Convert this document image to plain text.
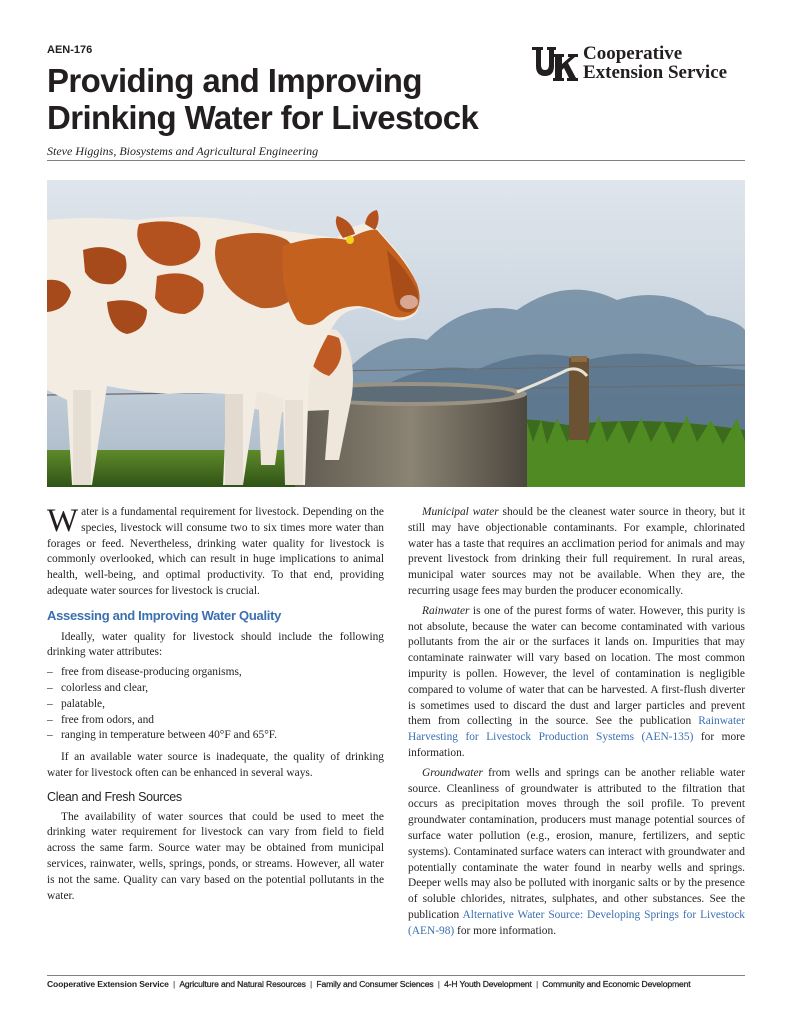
AEN-176
Providing and Improving
Drinking Water for Livestock
Steve Higgins, Biosystems and Agricultural Engineering
Cooperative
Extension Service

Water is a fundamental requirement for livestock. Depending on the species, livestock will consume two to six times more water than forages or feed. Nevertheless, drinking water quality for livestock is commonly overlooked, which can result in huge implications to animal health, well-being, and optimal productivity. To that end, providing adequate water sources for livestock is crucial.

Assessing and Improving Water Quality

Ideally, water quality for livestock should include the following drinking water attributes:

– free from disease-producing organisms,
– colorless and clear,
– palatable,
– free from odors, and
– ranging in temperature between 40°F and 65°F.

If an available water source is inadequate, the quality of drinking water for livestock often can be enhanced in several ways.

Clean and Fresh Sources

The availability of water sources that could be used to meet the drinking water requirement for livestock can vary from field to field across the same farm. Source water may be obtained from municipal services, rainwater, wells, springs, ponds, or streams. However, all water is not the same. Quality can vary based on the potential pollutants in the water.

Municipal water should be the cleanest water source in theory, but it still may have objectionable contaminants. For example, chlorinated water has a taste that requires an acclimation period for animals and may prevent livestock from drinking their full requirement. In rural areas, municipal water sources may not be available. When they are, the recurring usage fees may burden the producer economically.

Rainwater is one of the purest forms of water. However, this purity is not absolute, because the water can become contaminated with various pollutants from the air or the surfaces it lands on. Impurities that may contaminate rainwater will vary based on location. The most common impurity is pollen. However, the level of contamination is negligible compared to volume of water that can be harvested. A first-flush diverter is sometimes used to discard the dust and larger particles and prevent them from collecting in the source. See the publication Rainwater Harvesting for Livestock Production Systems (AEN-135) for more information.

Groundwater from wells and springs can be another reliable water source. Cleanliness of groundwater is attributed to the filtration that occurs as precipitation moves through the soil profile. To prevent groundwater contamination, producers must manage potential sources of surface water pollution (e.g., erosion, manure, fertilizers, and septic systems). Contaminated surface waters can interact with groundwater and potentially contaminate the water found in nearby wells and springs. Deeper wells may also be polluted with inorganic salts or by the presence of soluble chlorides, nitrates, sulphates, and other substances. See the publication Alternative Water Source: Developing Springs for Livestock (AEN-98) for more information.

Cooperative Extension Service | Agriculture and Natural Resources | Family and Consumer Sciences | 4-H Youth Development | Community and Economic Development
